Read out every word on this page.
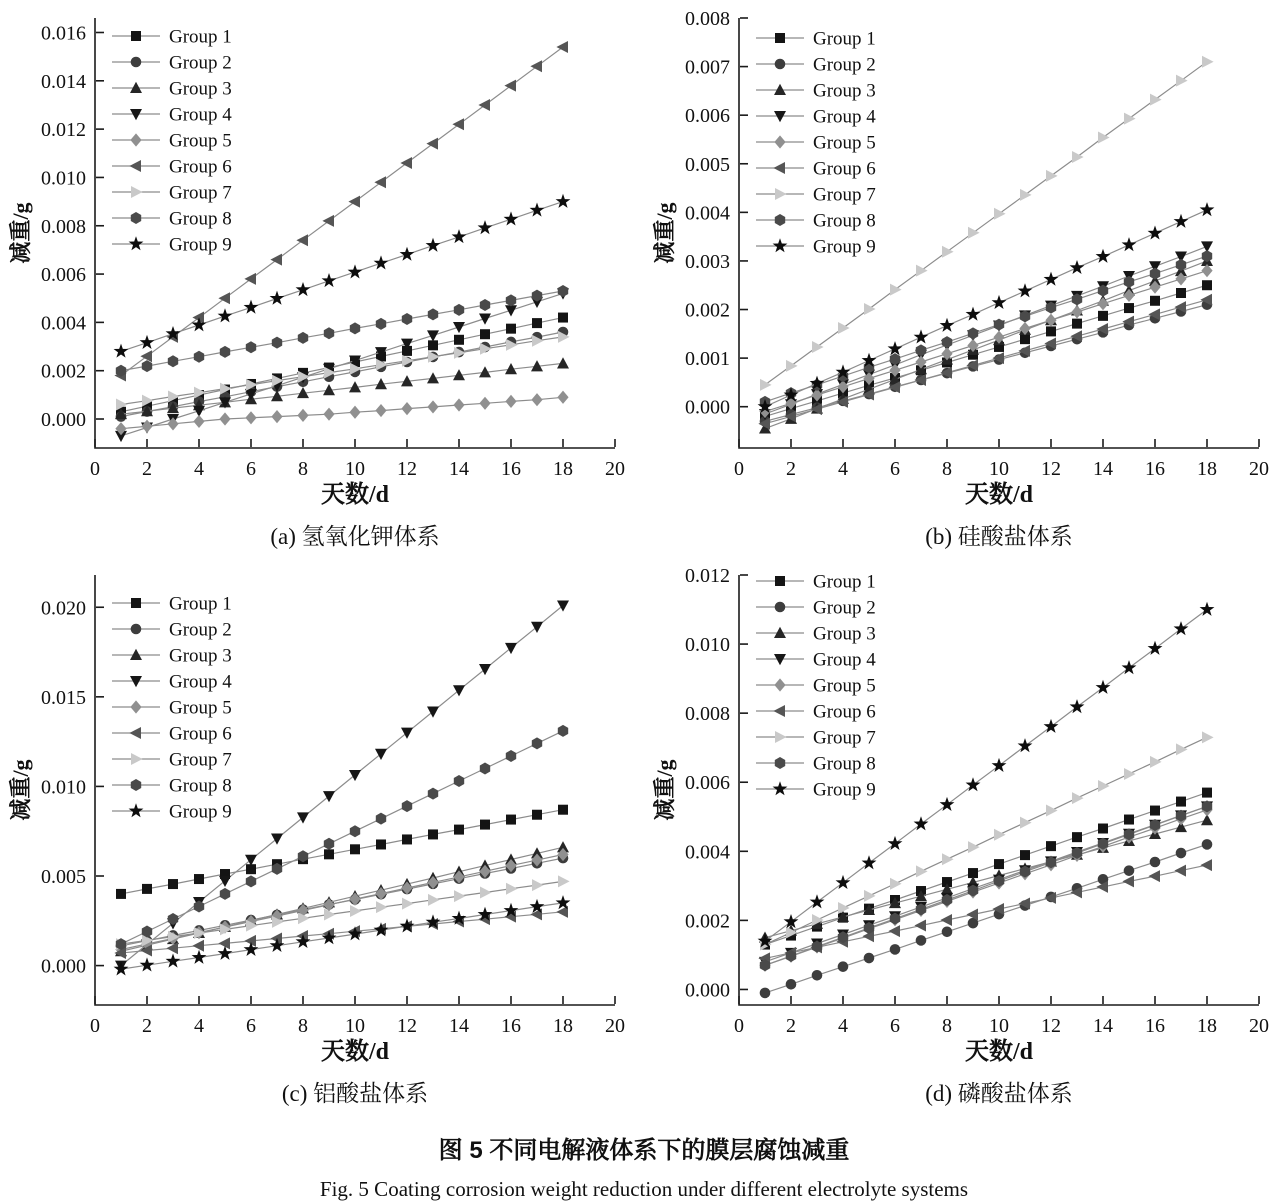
0.000
0.002
0.004
0.006
0.008
0.010
0.012
0.014
0.016
0 2 4 6 8 10 12 14 16 18 20
减重/g
Group 1
Group 2
Group 3
Group 4
Group 5
Group 6
Group 7
Group 8
Group 9
天数/d
(a) 氢氧化钾体系
0.000
0.001
0.002
0.003
0.004
0.005
0.006
0.007
0.008
0 2 4 6 8 10 12 14 16 18 20
减重/g
Group 1
Group 2
Group 3
Group 4
Group 5
Group 6
Group 7
Group 8
Group 9
天数/d
(b) 硅酸盐体系
0.000
0.005
0.010
0.015
0.020
0 2 4 6 8 10 12 14 16 18 20
减重/g
Group 1
Group 2
Group 3
Group 4
Group 5
Group 6
Group 7
Group 8
Group 9
天数/d
(c) 铝酸盐体系
0.000
0.002
0.004
0.006
0.008
0.010
0.012
0 2 4 6 8 10 12 14 16 18 20
减重/g
Group 1
Group 2
Group 3
Group 4
Group 5
Group 6
Group 7
Group 8
Group 9
天数/d
(d) 磷酸盐体系
图 5 不同电解液体系下的膜层腐蚀减重
Fig. 5 Coating corrosion weight reduction under different electrolyte systems
